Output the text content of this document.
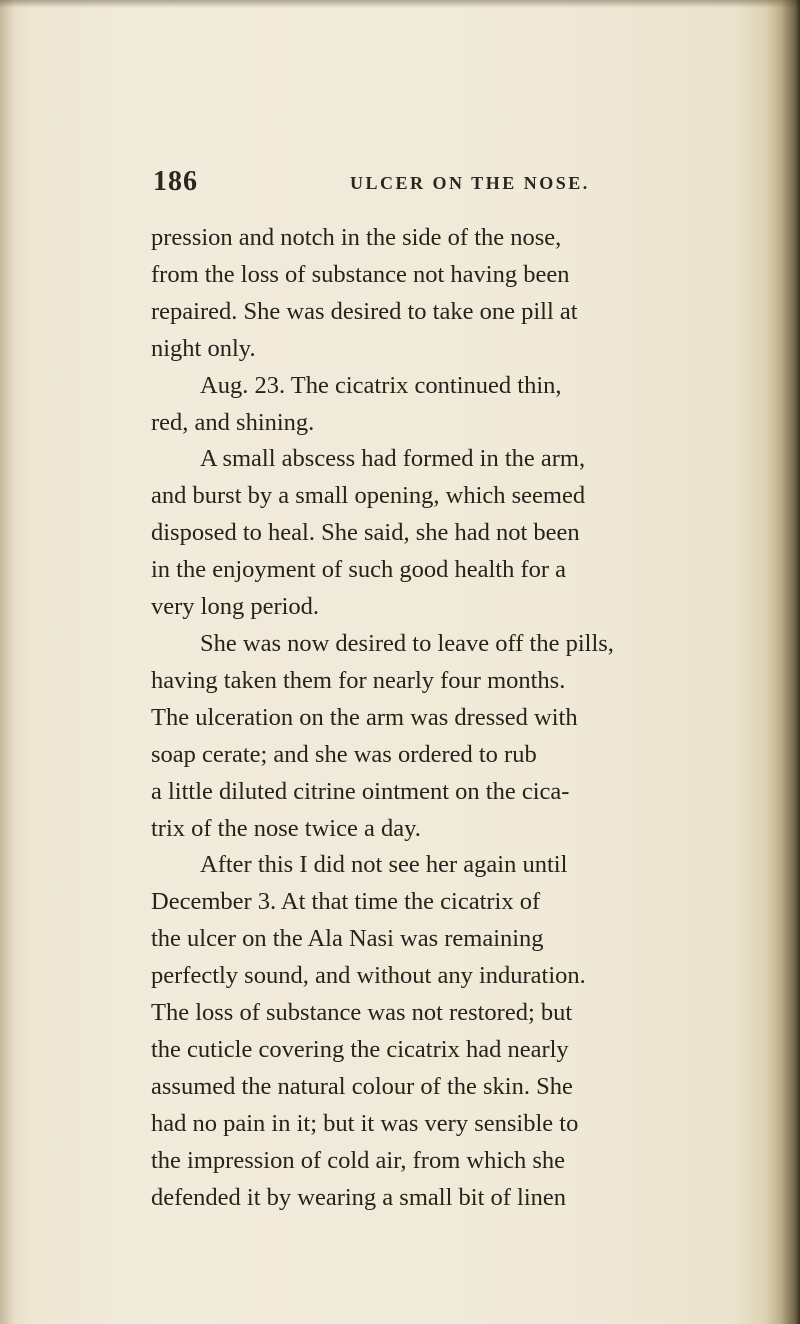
186	ULCER ON THE NOSE.
pression and notch in the side of the nose,
from the loss of substance not having been
repaired. She was desired to take one pill at
night only.
Aug. 23. The cicatrix continued thin,
red, and shining.
A small abscess had formed in the arm,
and burst by a small opening, which seemed
disposed to heal. She said, she had not been
in the enjoyment of such good health for a
very long period.
She was now desired to leave off the pills,
having taken them for nearly four months.
The ulceration on the arm was dressed with
soap cerate; and she was ordered to rub
a little diluted citrine ointment on the cica-
trix of the nose twice a day.
After this I did not see her again until
December 3. At that time the cicatrix of
the ulcer on the Ala Nasi was remaining
perfectly sound, and without any induration.
The loss of substance was not restored; but
the cuticle covering the cicatrix had nearly
assumed the natural colour of the skin. She
had no pain in it; but it was very sensible to
the impression of cold air, from which she
defended it by wearing a small bit of linen
